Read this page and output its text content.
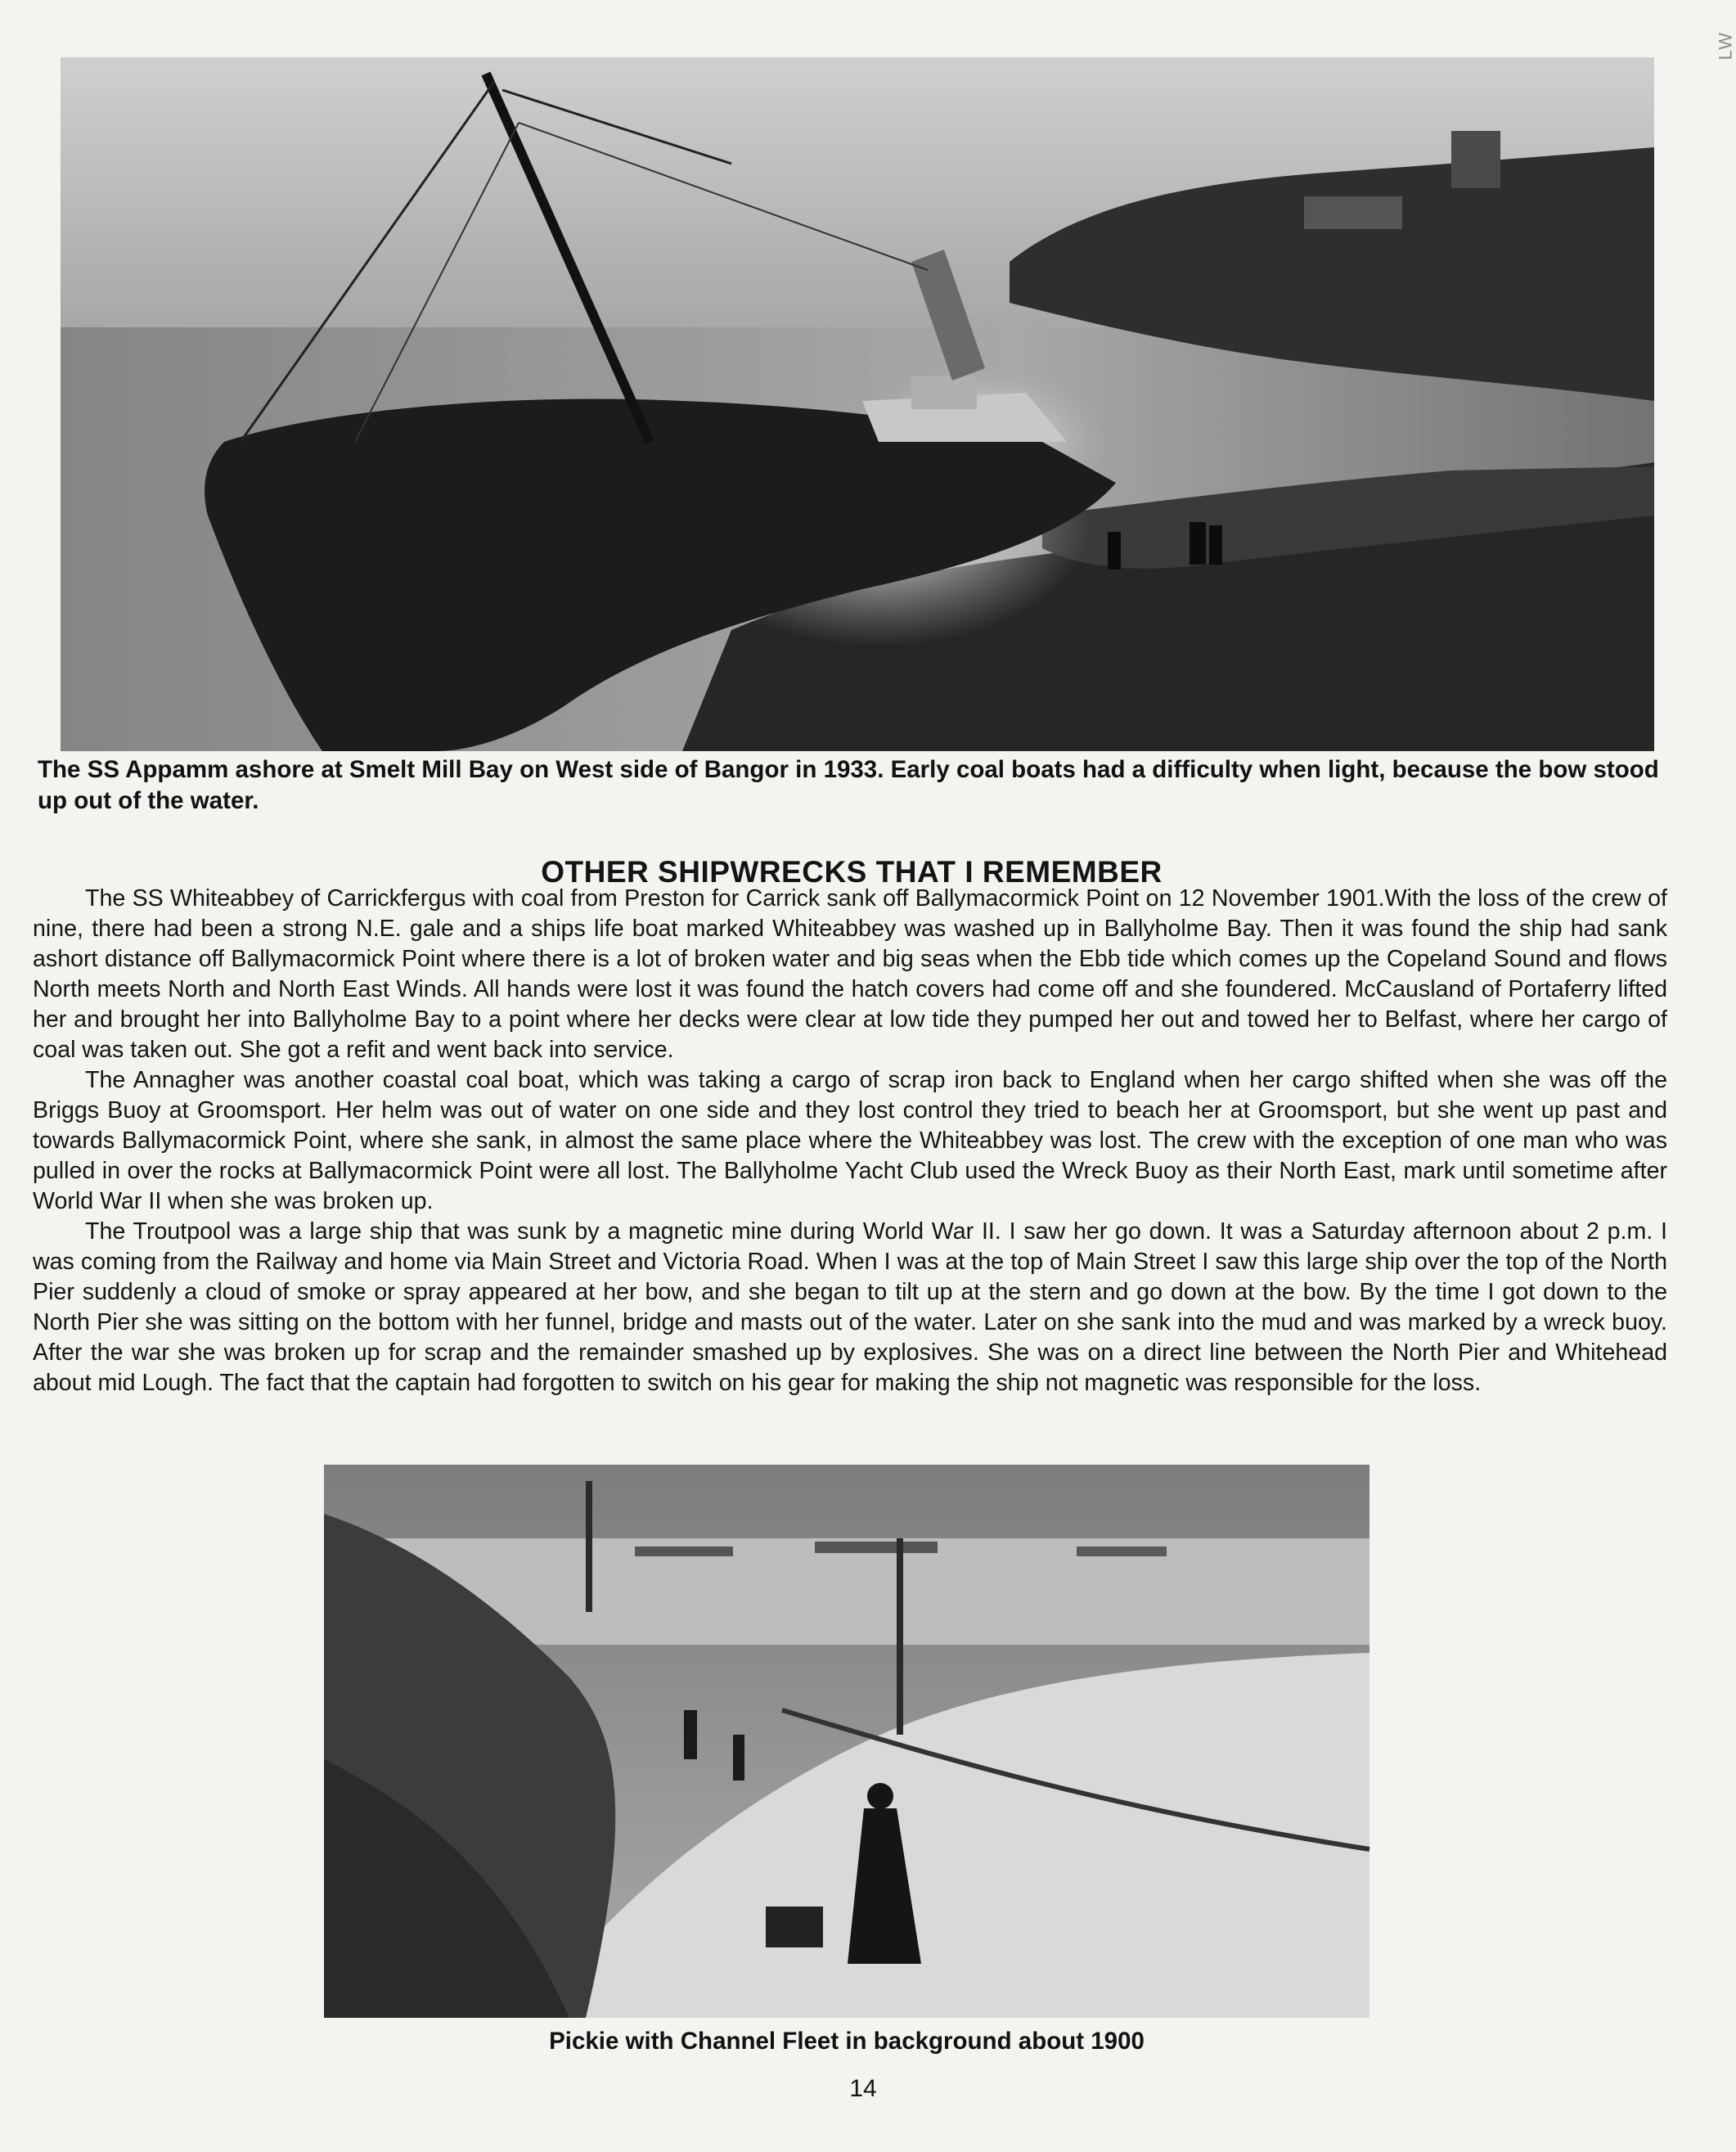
LW
The SS Appamm ashore at Smelt Mill Bay on West side of Bangor in 1933. Early coal boats had a difficulty when light, because the bow stood up out of the water.
OTHER SHIPWRECKS THAT I REMEMBER

The SS Whiteabbey of Carrickfergus with coal from Preston for Carrick sank off Ballymacormick Point on 12 November 1901.With the loss of the crew of nine, there had been a strong N.E. gale and a ships life boat marked Whiteabbey was washed up in Ballyholme Bay. Then it was found the ship had sank ashort distance off Ballymacormick Point where there is a lot of broken water and big seas when the Ebb tide which comes up the Copeland Sound and flows North meets North and North East Winds. All hands were lost it was found the hatch covers had come off and she foundered. McCausland of Portaferry lifted her and brought her into Ballyholme Bay to a point where her decks were clear at low tide they pumped her out and towed her to Belfast, where her cargo of coal was taken out. She got a refit and went back into service.

The Annagher was another coastal coal boat, which was taking a cargo of scrap iron back to England when her cargo shifted when she was off the Briggs Buoy at Groomsport. Her helm was out of water on one side and they lost control they tried to beach her at Groomsport, but she went up past and towards Ballymacormick Point, where she sank, in almost the same place where the Whiteabbey was lost. The crew with the exception of one man who was pulled in over the rocks at Ballymacormick Point were all lost. The Ballyholme Yacht Club used the Wreck Buoy as their North East, mark until sometime after World War II when she was broken up.

The Troutpool was a large ship that was sunk by a magnetic mine during World War II. I saw her go down. It was a Saturday afternoon about 2 p.m. I was coming from the Railway and home via Main Street and Victoria Road. When I was at the top of Main Street I saw this large ship over the top of the North Pier suddenly a cloud of smoke or spray appeared at her bow, and she began to tilt up at the stern and go down at the bow. By the time I got down to the North Pier she was sitting on the bottom with her funnel, bridge and masts out of the water. Later on she sank into the mud and was marked by a wreck buoy. After the war she was broken up for scrap and the remainder smashed up by explosives. She was on a direct line between the North Pier and Whitehead about mid Lough. The fact that the captain had forgotten to switch on his gear for making the ship not magnetic was responsible for the loss.

Pickie with Channel Fleet in background about 1900
14
